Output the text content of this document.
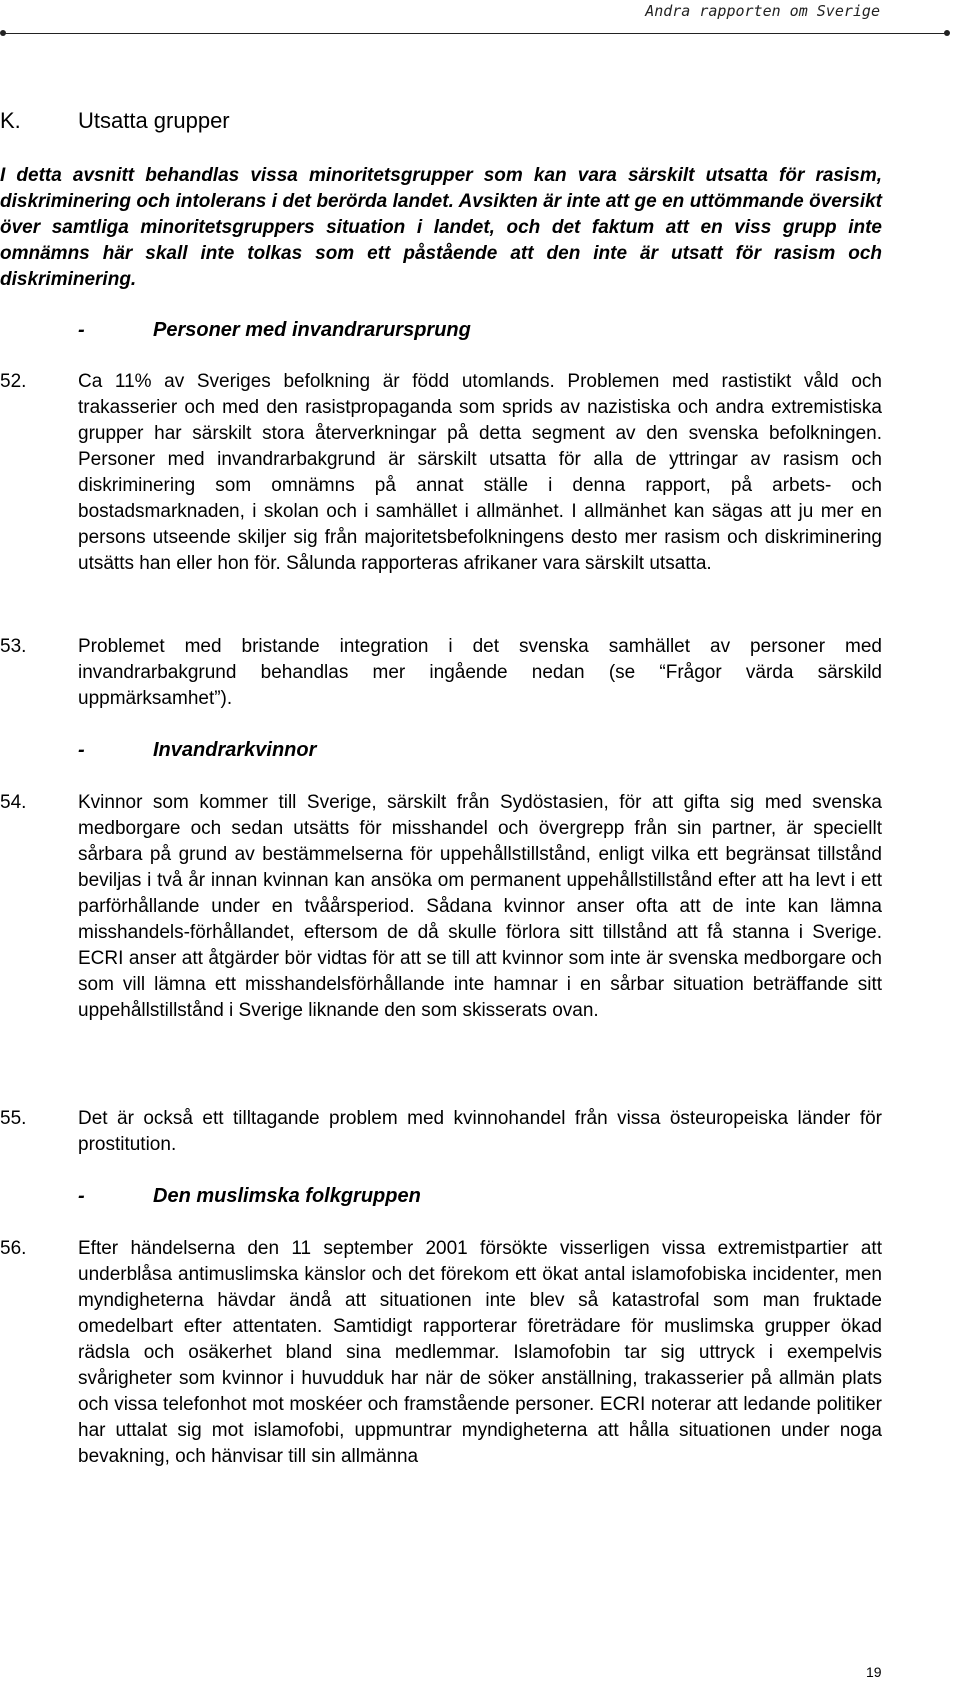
Andra rapporten om Sverige
K.	Utsatta grupper

I detta avsnitt behandlas vissa minoritetsgrupper som kan vara särskilt utsatta för rasism, diskriminering och intolerans i det berörda landet. Avsikten är inte att ge en uttömmande översikt över samtliga minoritetsgruppers situation i landet, och det faktum att en viss grupp inte omnämns här skall inte tolkas som ett påstående att den inte är utsatt för rasism och diskriminering.

-	Personer med invandrarursprung
52.	Ca 11% av Sveriges befolkning är född utomlands. Problemen med rastistikt våld och trakasserier och med den rasistpropaganda som sprids av nazistiska och andra extremistiska grupper har särskilt stora återverkningar på detta segment av den svenska befolkningen. Personer med invandrarbakgrund är särskilt utsatta för alla de yttringar av rasism och diskriminering som omnämns på annat ställe i denna rapport, på arbets- och bostadsmarknaden, i skolan och i samhället i allmänhet. I allmänhet kan sägas att ju mer en persons utseende skiljer sig från majoritetsbefolkningens desto mer rasism och diskriminering utsätts han eller hon för. Sålunda rapporteras afrikaner vara särskilt utsatta.
53.	Problemet med bristande integration i det svenska samhället av personer med invandrarbakgrund behandlas mer ingående nedan (se “Frågor värda särskild uppmärksamhet”).
-	Invandrarkvinnor
54.	Kvinnor som kommer till Sverige, särskilt från Sydöstasien, för att gifta sig med svenska medborgare och sedan utsätts för misshandel och övergrepp från sin partner, är speciellt sårbara på grund av bestämmelserna för uppehållstillstånd, enligt vilka ett begränsat tillstånd beviljas i två år innan kvinnan kan ansöka om permanent uppehållstillstånd efter att ha levt i ett parförhållande under en tvåårsperiod. Sådana kvinnor anser ofta att de inte kan lämna misshandels-förhållandet, eftersom de då skulle förlora sitt tillstånd att få stanna i Sverige. ECRI anser att åtgärder bör vidtas för att se till att kvinnor som inte är svenska medborgare och som vill lämna ett misshandelsförhållande inte hamnar i en sårbar situation beträffande sitt uppehållstillstånd i Sverige liknande den som skisserats ovan.
55.	Det är också ett tilltagande problem med kvinnohandel från vissa östeuropeiska länder för prostitution.
-	Den muslimska folkgruppen
56.	Efter händelserna den 11 september 2001 försökte visserligen vissa extremistpartier att underblåsa antimuslimska känslor och det förekom ett ökat antal islamofobiska incidenter, men myndigheterna hävdar ändå att situationen inte blev så katastrofal som man fruktade omedelbart efter attentaten. Samtidigt rapporterar företrädare för muslimska grupper ökad rädsla och osäkerhet bland sina medlemmar. Islamofobin tar sig uttryck i exempelvis svårigheter som kvinnor i huvudduk har när de söker anställning, trakasserier på allmän plats och vissa telefonhot mot moskéer och framstående personer. ECRI noterar att ledande politiker har uttalat sig mot islamofobi, uppmuntrar myndigheterna att hålla situationen under noga bevakning, och hänvisar till sin allmänna
19
